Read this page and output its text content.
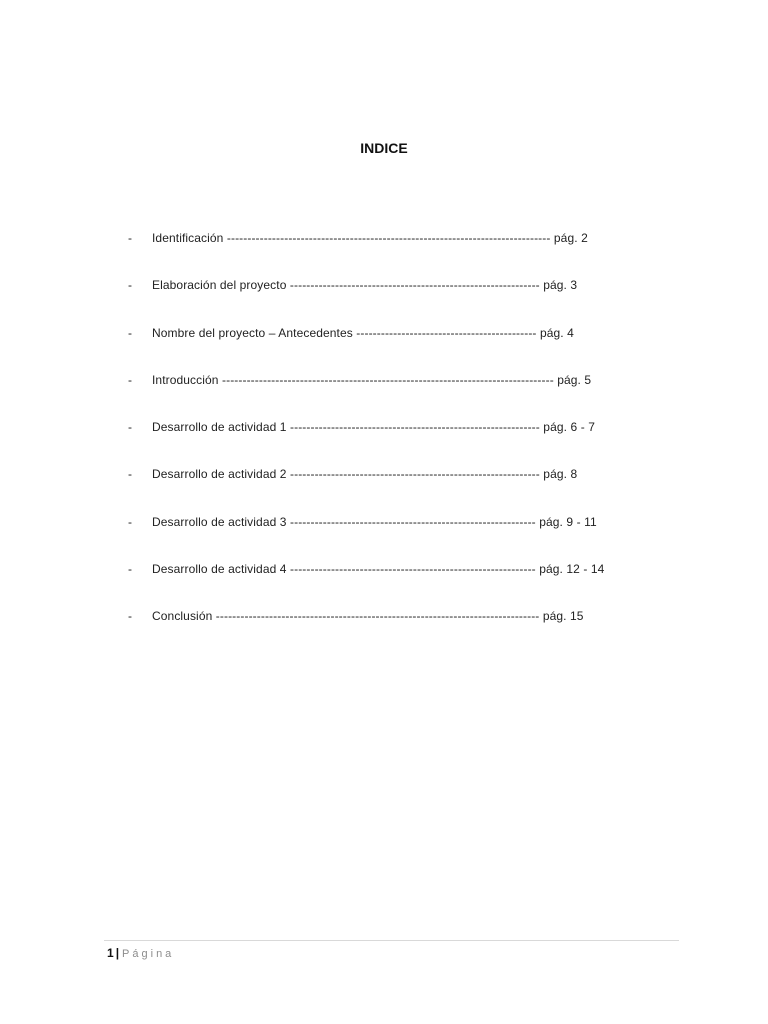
INDICE
- Identificación ------------------------------------------------------------------------------- pág. 2
- Elaboración del proyecto ------------------------------------------------------------- pág. 3
- Nombre del proyecto – Antecedentes -------------------------------------------- pág. 4
- Introducción --------------------------------------------------------------------------------- pág. 5
- Desarrollo de actividad 1 ------------------------------------------------------------- pág. 6 - 7
- Desarrollo de actividad 2 ------------------------------------------------------------- pág. 8
- Desarrollo de actividad 3 ------------------------------------------------------------ pág. 9 - 11
- Desarrollo de actividad 4 ------------------------------------------------------------ pág. 12 - 14
- Conclusión ------------------------------------------------------------------------------- pág. 15
1 | Página
